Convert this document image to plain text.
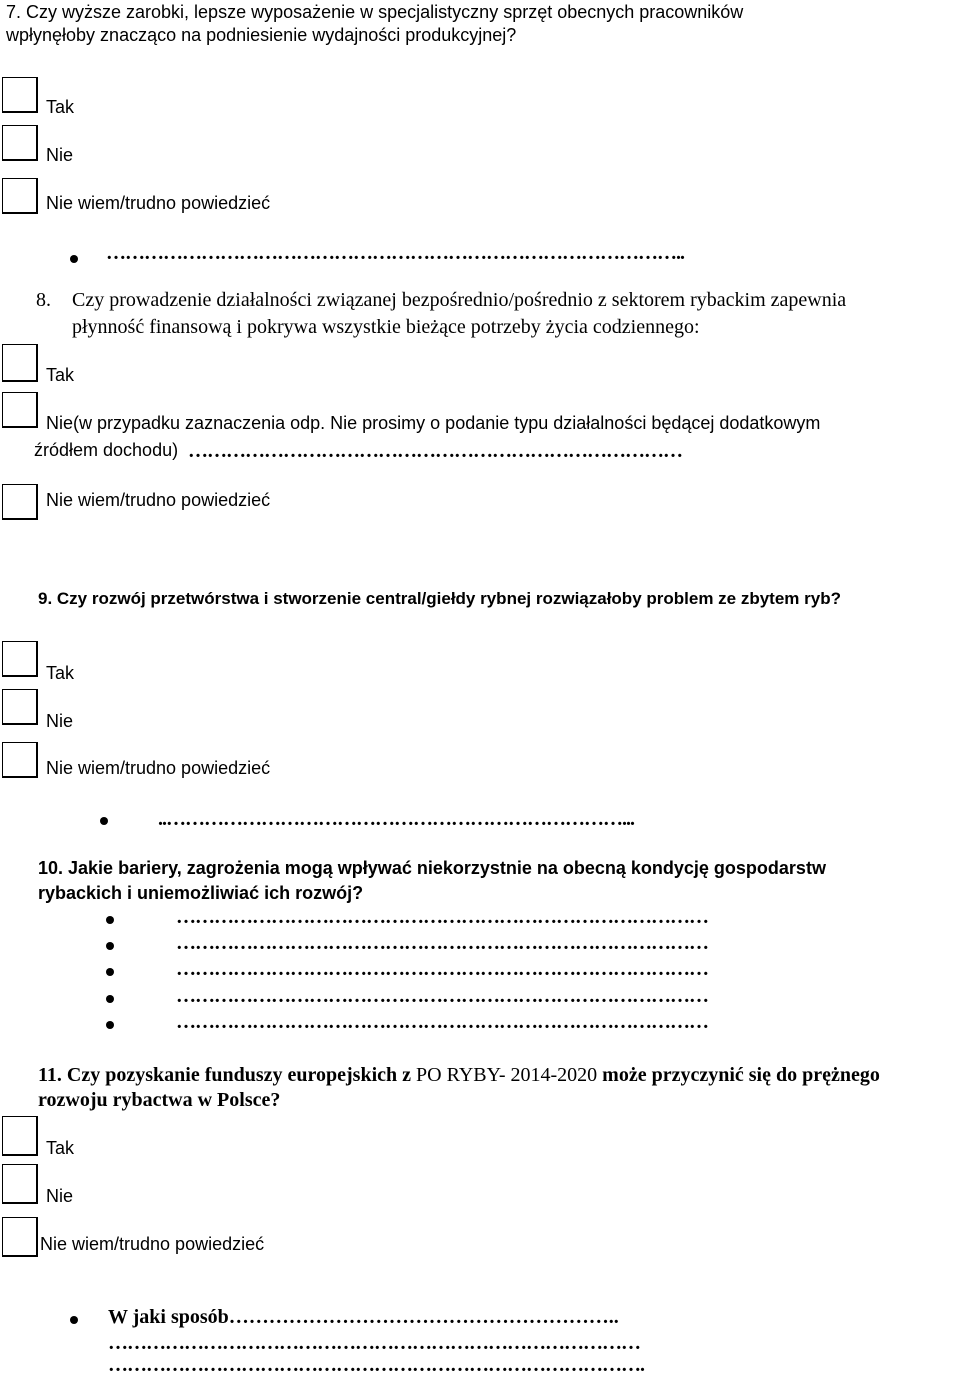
7. Czy wyższe zarobki, lepsze wyposażenie w specjalistyczny sprzęt obecnych pracowników
wpłynęłoby znacząco na podniesienie wydajności produkcyjnej?
Tak
Nie
Nie wiem/trudno powiedzieć
………………………………………………………………………………..
8. Czy prowadzenie działalności związanej bezpośrednio/pośrednio z sektorem rybackim zapewnia
płynność finansową i pokrywa wszystkie bieżące potrzeby życia codziennego:
Tak
Nie(w przypadku zaznaczenia odp. Nie prosimy o podanie typu działalności będącej dodatkowym
źródłem dochodu) ……………………………………………………………………
Nie wiem/trudno powiedzieć
9. Czy rozwój przetwórstwa i stworzenie central/giełdy rybnej rozwiązałoby problem ze zbytem ryb?
Tak
Nie
Nie wiem/trudno powiedzieć
..………………………………………………………………...
10. Jakie bariery, zagrożenia mogą wpływać niekorzystnie na obecną kondycję gospodarstw
rybackich i uniemożliwiać ich rozwój?
…………………………………………………………………………
…………………………………………………………………………
…………………………………………………………………………
…………………………………………………………………………
…………………………………………………………………………
11. Czy pozyskanie funduszy europejskich z PO RYBY- 2014-2020 może przyczynić się do prężnego
rozwoju rybactwa w Polsce?
Tak
Nie
Nie wiem/trudno powiedzieć
W jaki sposób…………………………………………………..
…………………………………………………………………………
………………………………………………………………………….
